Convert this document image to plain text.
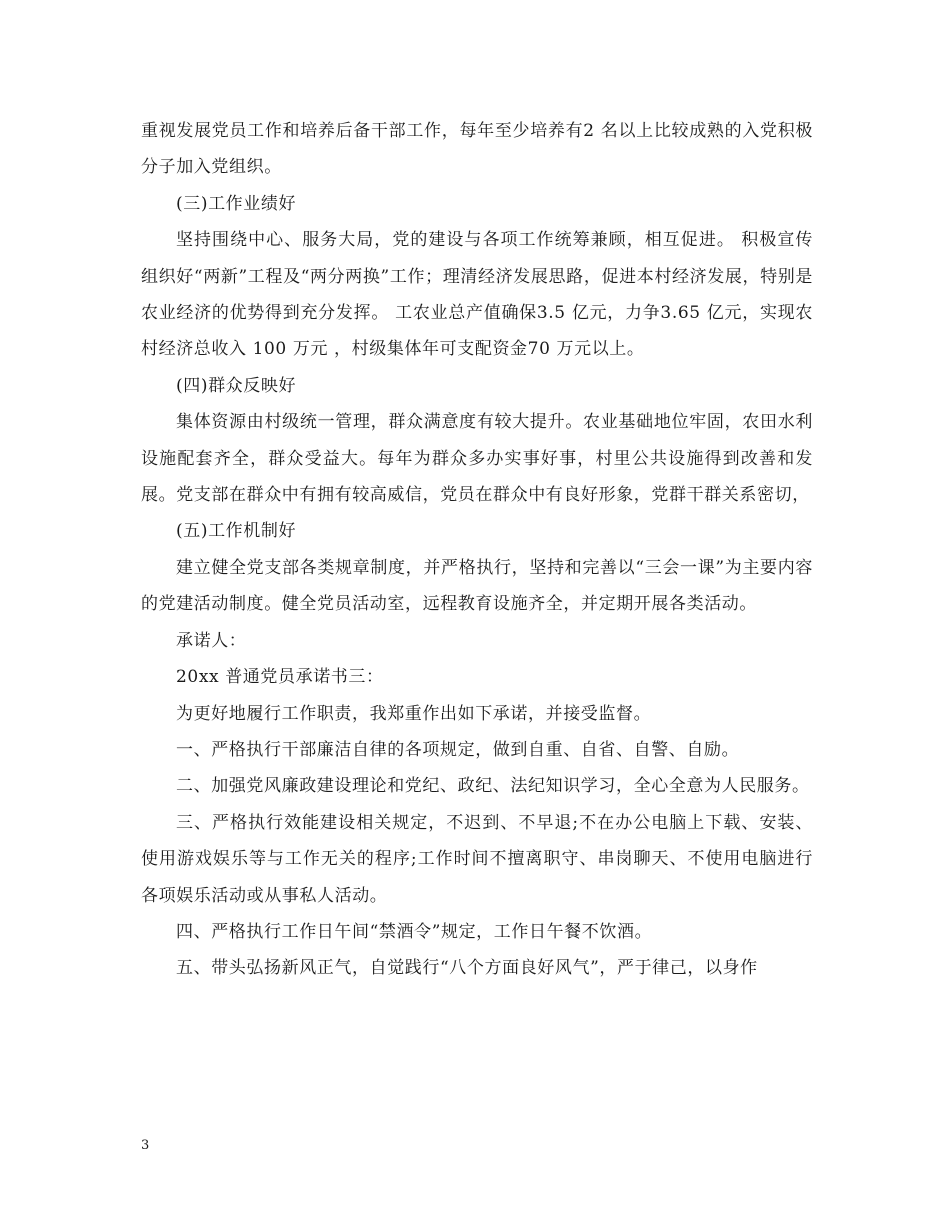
重视发展党员工作和培养后备干部工作，每年至少培养有2 名以上比较成熟的入党积极分子加入党组织。

(三)工作业绩好

坚持围绕中心、服务大局，党的建设与各项工作统筹兼顾，相互促进。 积极宣传组织好“两新”工程及“两分两换”工作；理清经济发展思路，促进本村经济发展，特别是农业经济的优势得到充分发挥。 工农业总产值确保3.5 亿元，力争3.65 亿元，实现农村经济总收入 100 万元 ，村级集体年可支配资金70 万元以上。

(四)群众反映好

集体资源由村级统一管理，群众满意度有较大提升。农业基础地位牢固，农田水利设施配套齐全，群众受益大。每年为群众多办实事好事，村里公共设施得到改善和发展。党支部在群众中有拥有较高威信，党员在群众中有良好形象，党群干群关系密切，

(五)工作机制好

建立健全党支部各类规章制度，并严格执行，坚持和完善以“三会一课”为主要内容的党建活动制度。健全党员活动室，远程教育设施齐全，并定期开展各类活动。

承诺人：

20xx 普通党员承诺书三：

为更好地履行工作职责，我郑重作出如下承诺，并接受监督。

一、严格执行干部廉洁自律的各项规定，做到自重、自省、自警、自励。

二、加强党风廉政建设理论和党纪、政纪、法纪知识学习，全心全意为人民服务。

三、严格执行效能建设相关规定，不迟到、不早退;不在办公电脑上下载、安装、使用游戏娱乐等与工作无关的程序;工作时间不擅离职守、串岗聊天、不使用电脑进行各项娱乐活动或从事私人活动。

四、严格执行工作日午间“禁酒令”规定，工作日午餐不饮酒。

五、带头弘扬新风正气，自觉践行“八个方面良好风气”，严于律己，以身作

3
